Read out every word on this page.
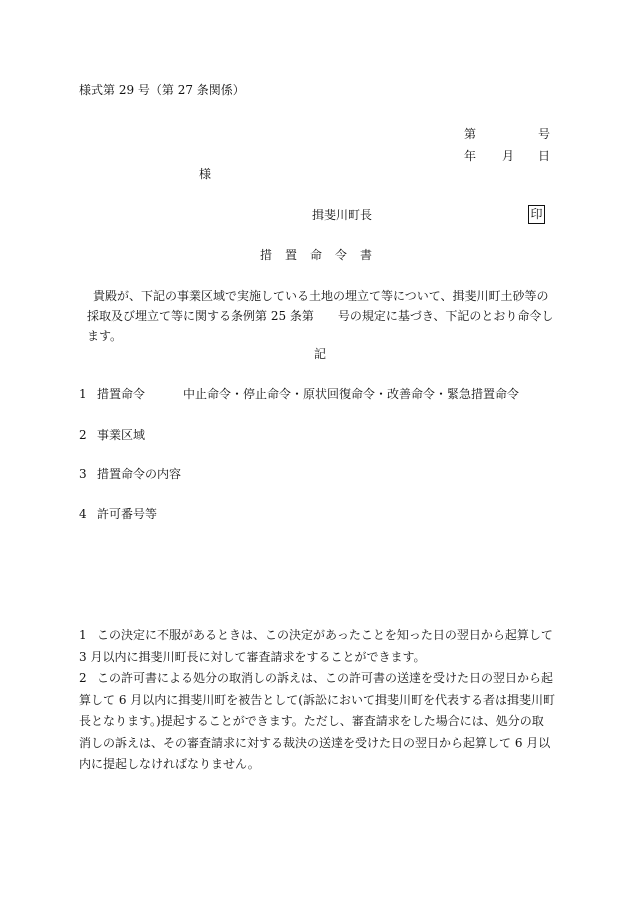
様式第 29 号（第 27 条関係）
第	号
年 月 日
様
揖斐川町長	印
措置命令書
貴殿が、下記の事業区域で実施している土地の埋立て等について、揖斐川町土砂等の採取及び埋立て等に関する条例第 25 条第　　号の規定に基づき、下記のとおり命令します。
記
1 措置命令	中止命令・停止命令・原状回復命令・改善命令・緊急措置命令
2 事業区域
3 措置命令の内容
4 許可番号等
1 この決定に不服があるときは、この決定があったことを知った日の翌日から起算して 3 月以内に揖斐川町長に対して審査請求をすることができます。
2 この許可書による処分の取消しの訴えは、この許可書の送達を受けた日の翌日から起算して 6 月以内に揖斐川町を被告として(訴訟において揖斐川町を代表する者は揖斐川町長となります。)提起することができます。ただし、審査請求をした場合には、処分の取消しの訴えは、その審査請求に対する裁決の送達を受けた日の翌日から起算して 6 月以内に提起しなければなりません。
